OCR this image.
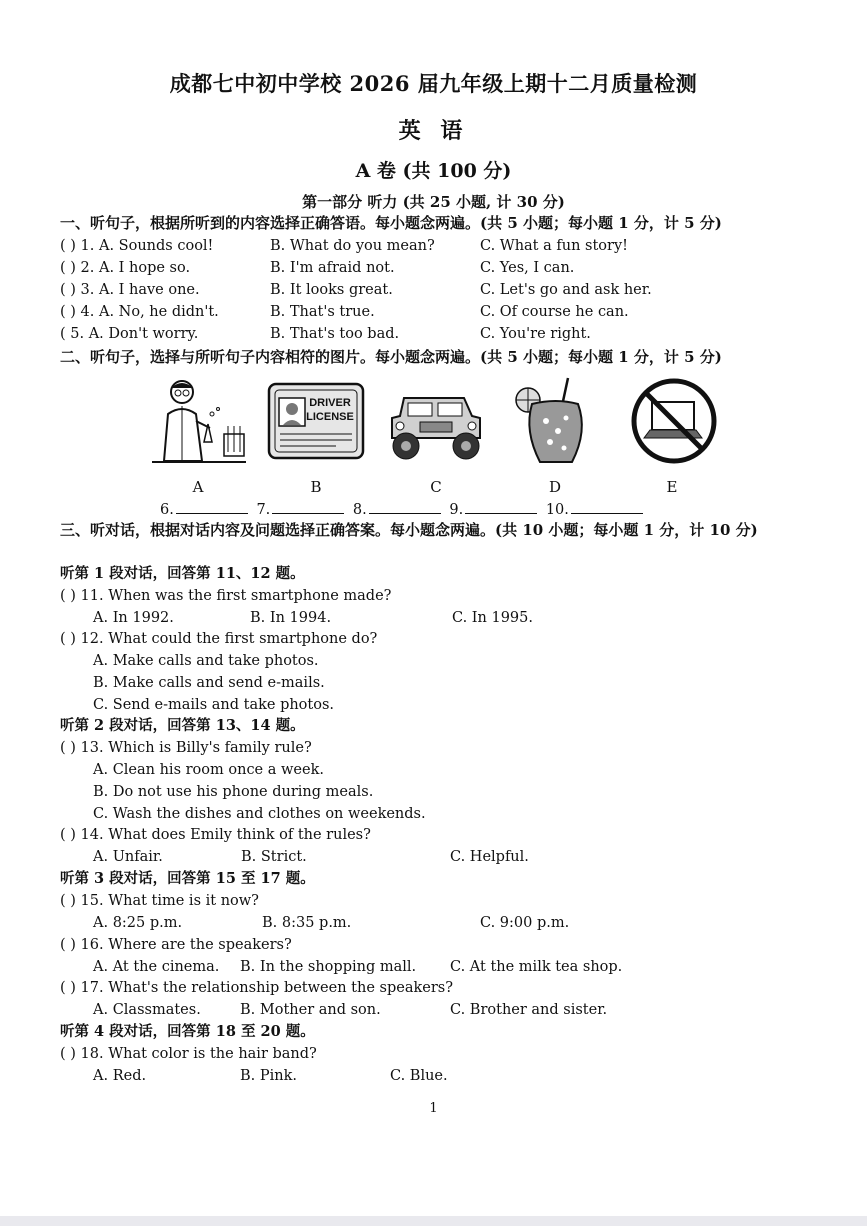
成都七中初中学校 2026 届九年级上期十二月质量检测
英 语
A 卷 (共 100 分)
第一部分 听力 (共 25 小题, 计 30 分)
一、听句子，根据所听到的内容选择正确答语。每小题念两遍。(共 5 小题；每小题 1 分，计 5 分)
( ) 1. A. Sounds cool!	B. What do you mean?	C. What a fun story!
( ) 2. A. I hope so.	B. I'm afraid not.	C. Yes, I can.
( ) 3. A. I have one.	B. It looks great.	C. Let's go and ask her.
( ) 4. A. No, he didn't.	B. That's true.	C. Of course he can.
( 5. A. Don't worry.	B. That's too bad.	C. You're right.
二、听句子，选择与所听句子内容相符的图片。每小题念两遍。(共 5 小题；每小题 1 分，计 5 分)
DRIVER
LICENSE
A	B	C	D	E
6.	7.	8.	9.	10.
三、听对话，根据对话内容及问题选择正确答案。每小题念两遍。(共 10 小题；每小题 1 分，计 10 分)
听第 1 段对话，回答第 11、12 题。
( ) 11. When was the first smartphone made?
A. In 1992.	B. In 1994.	C. In 1995.
( ) 12. What could the first smartphone do?
A. Make calls and take photos.
B. Make calls and send e-mails.
C. Send e-mails and take photos.
听第 2 段对话，回答第 13、14 题。
( ) 13. Which is Billy's family rule?
A. Clean his room once a week.
B. Do not use his phone during meals.
C. Wash the dishes and clothes on weekends.
( ) 14. What does Emily think of the rules?
A. Unfair.	B. Strict.	C. Helpful.
听第 3 段对话，回答第 15 至 17 题。
( ) 15. What time is it now?
A. 8:25 p.m.	B. 8:35 p.m.	C. 9:00 p.m.
( ) 16. Where are the speakers?
A. At the cinema. B. In the shopping mall. C. At the milk tea shop.
( ) 17. What's the relationship between the speakers?
A. Classmates.	B. Mother and son.	C. Brother and sister.
听第 4 段对话，回答第 18 至 20 题。
( ) 18. What color is the hair band?
A. Red.	B. Pink.	C. Blue.
1
